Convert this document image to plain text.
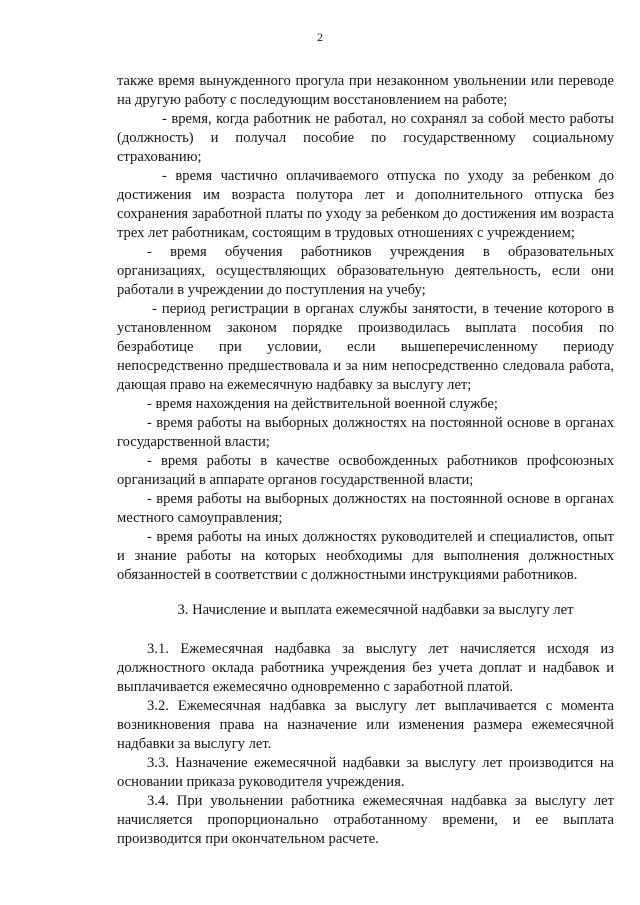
2

также время вынужденного прогула при незаконном увольнении или переводе на другую работу с последующим восстановлением на работе;

- время, когда работник не работал, но сохранял за собой место работы (должность) и получал пособие по государственному социальному страхованию;

- время частично оплачиваемого отпуска по уходу за ребенком до достижения им возраста полутора лет и дополнительного отпуска без сохранения заработной платы по уходу за ребенком до достижения им возраста трех лет работникам, состоящим в трудовых отношениях с учреждением;

- время обучения работников учреждения в образовательных организациях, осуществляющих образовательную деятельность, если они работали в учреждении до поступления на учебу;

- период регистрации в органах службы занятости, в течение которого в установленном законом порядке производилась выплата пособия по безработице при условии, если вышеперечисленному периоду непосредственно предшествовала и за ним непосредственно следовала работа, дающая право на ежемесячную надбавку за выслугу лет;

- время нахождения на действительной военной службе;

- время работы на выборных должностях на постоянной основе в органах государственной власти;

- время работы в качестве освобожденных работников профсоюзных организаций в аппарате органов государственной власти;

- время работы на выборных должностях на постоянной основе в органах местного самоуправления;

- время работы на иных должностях руководителей и специалистов, опыт и знание работы на которых необходимы для выполнения должностных обязанностей в соответствии с должностными инструкциями работников.

3. Начисление и выплата ежемесячной надбавки за выслугу лет

3.1. Ежемесячная надбавка за выслугу лет начисляется исходя из должностного оклада работника учреждения без учета доплат и надбавок и выплачивается ежемесячно одновременно с заработной платой.

3.2. Ежемесячная надбавка за выслугу лет выплачивается с момента возникновения права на назначение или изменения размера ежемесячной надбавки за выслугу лет.

3.3. Назначение ежемесячной надбавки за выслугу лет производится на основании приказа руководителя учреждения.

3.4. При увольнении работника ежемесячная надбавка за выслугу лет начисляется пропорционально отработанному времени, и ее выплата производится при окончательном расчете.
